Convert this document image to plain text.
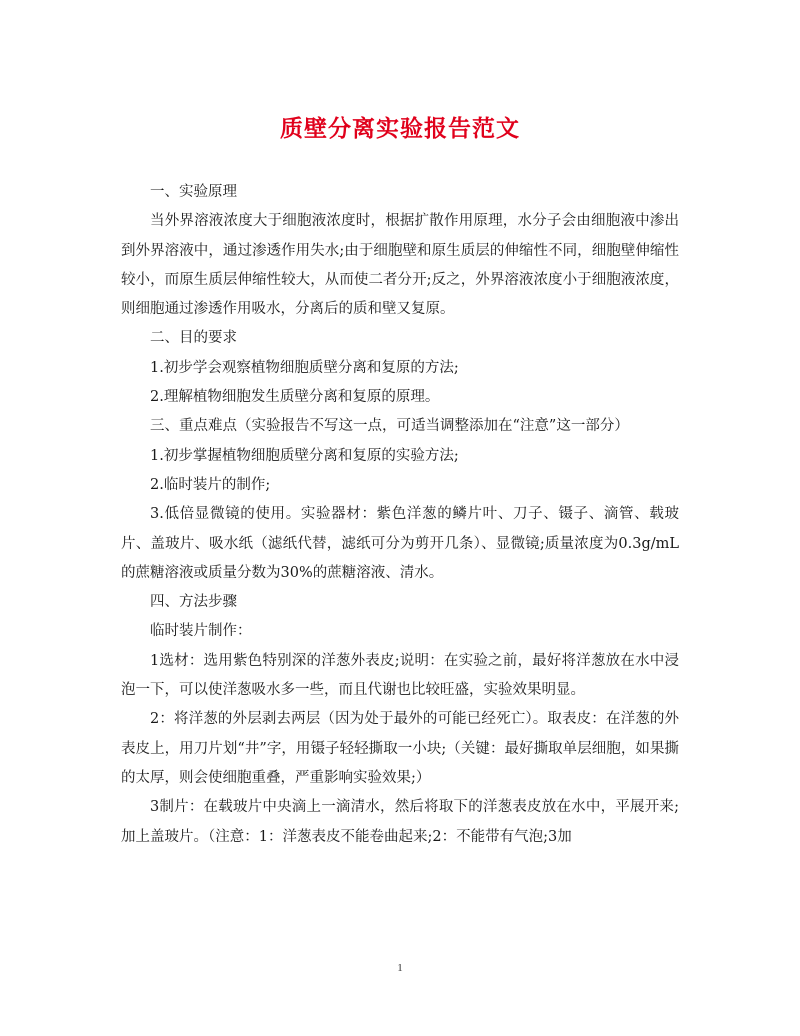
质壁分离实验报告范文

一、实验原理

当外界溶液浓度大于细胞液浓度时，根据扩散作用原理，水分子会由细胞液中渗出到外界溶液中，通过渗透作用失水;由于细胞壁和原生质层的伸缩性不同，细胞壁伸缩性较小，而原生质层伸缩性较大，从而使二者分开;反之，外界溶液浓度小于细胞液浓度，则细胞通过渗透作用吸水，分离后的质和壁又复原。

二、目的要求

1.初步学会观察植物细胞质壁分离和复原的方法;

2.理解植物细胞发生质壁分离和复原的原理。

三、重点难点（实验报告不写这一点，可适当调整添加在“注意”这一部分）

1.初步掌握植物细胞质壁分离和复原的实验方法;

2.临时装片的制作;

3.低倍显微镜的使用。实验器材：紫色洋葱的鳞片叶、刀子、镊子、滴管、载玻片、盖玻片、吸水纸（滤纸代替，滤纸可分为剪开几条）、显微镜;质量浓度为0.3g/mL的蔗糖溶液或质量分数为30%的蔗糖溶液、清水。

四、方法步骤

临时装片制作：

1选材：选用紫色特别深的洋葱外表皮;说明：在实验之前，最好将洋葱放在水中浸泡一下，可以使洋葱吸水多一些，而且代谢也比较旺盛，实验效果明显。

2：将洋葱的外层剥去两层（因为处于最外的可能已经死亡）。取表皮：在洋葱的外表皮上，用刀片划“井”字，用镊子轻轻撕取一小块;（关键：最好撕取单层细胞，如果撕的太厚，则会使细胞重叠，严重影响实验效果;）

3制片：在载玻片中央滴上一滴清水，然后将取下的洋葱表皮放在水中，平展开来;加上盖玻片。（注意：1：洋葱表皮不能卷曲起来;2：不能带有气泡;3加

1
